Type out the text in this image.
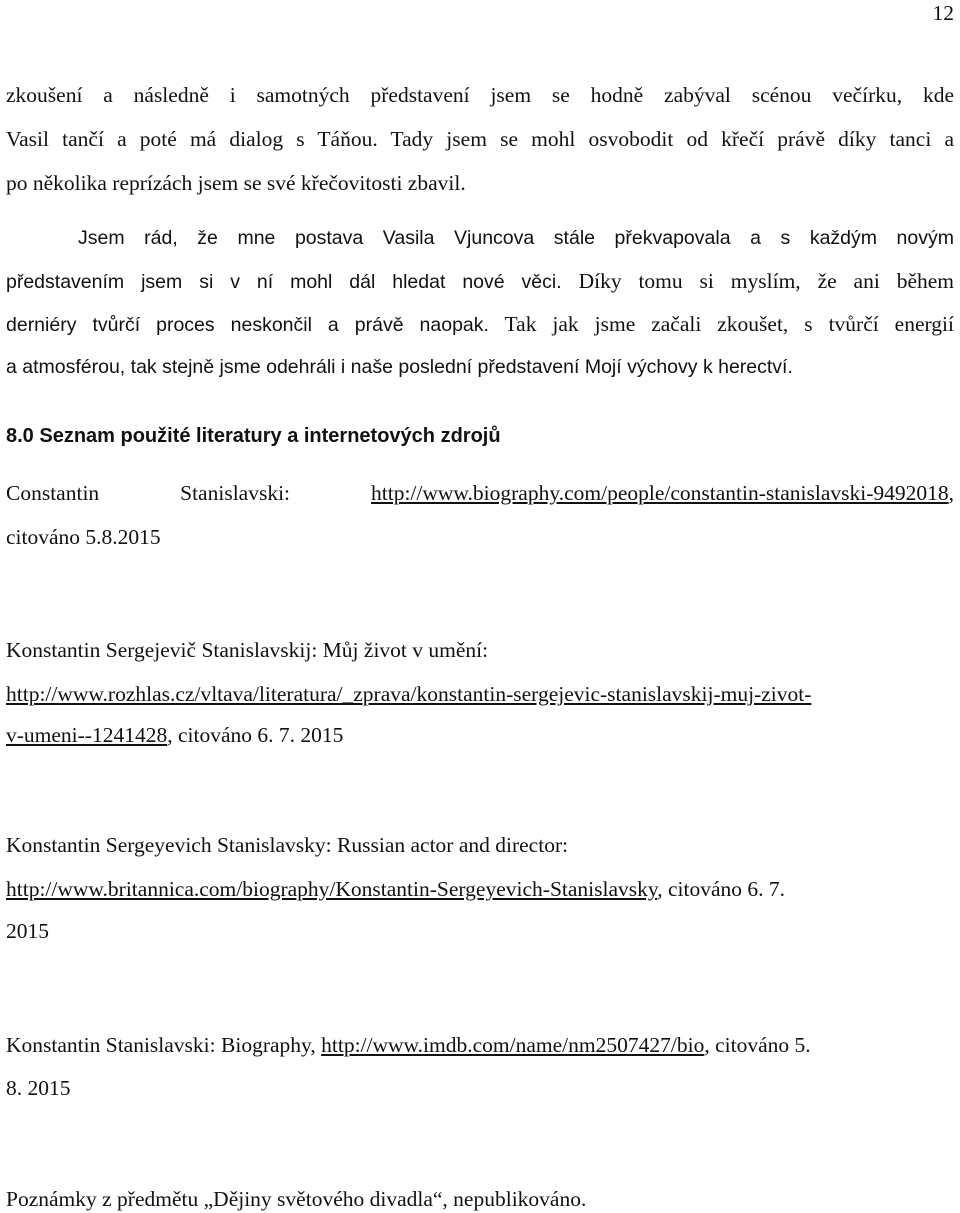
12
zkoušení a následně i samotných představení jsem se hodně zabýval scénou večírku, kde
Vasil tančí a poté má dialog s Táňou. Tady jsem se mohl osvobodit od křečí právě díky tanci a
po několika reprízách jsem se své křečovitosti zbavil.
Jsem rád, že mne postava Vasila Vjuncova stále překvapovala a s každým novým
představením jsem si v ní mohl dál hledat nové věci. Díky tomu si myslím, že ani během
derniéry tvůrčí proces neskončil a právě naopak. Tak jak jsme začali zkoušet, s tvůrčí energií
a atmosférou, tak stejně jsme odehráli i naše poslední představení Mojí výchovy k herectví.
8.0 Seznam použité literatury a internetových zdrojů
Constantin Stanislavski:	http://www.biography.com/people/constantin-stanislavski-9492018,
citováno 5.8.2015
Konstantin Sergejevič Stanislavskij: Můj život v umění:
http://www.rozhlas.cz/vltava/literatura/_zprava/konstantin-sergejevic-stanislavskij-muj-zivot-
v-umeni--1241428, citováno 6. 7. 2015
Konstantin Sergeyevich Stanislavsky: Russian actor and director:
http://www.britannica.com/biography/Konstantin-Sergeyevich-Stanislavsky, citováno 6. 7.
2015
Konstantin Stanislavski: Biography, http://www.imdb.com/name/nm2507427/bio, citováno 5.
8. 2015
Poznámky z předmětu „Dějiny světového divadla“, nepublikováno.
